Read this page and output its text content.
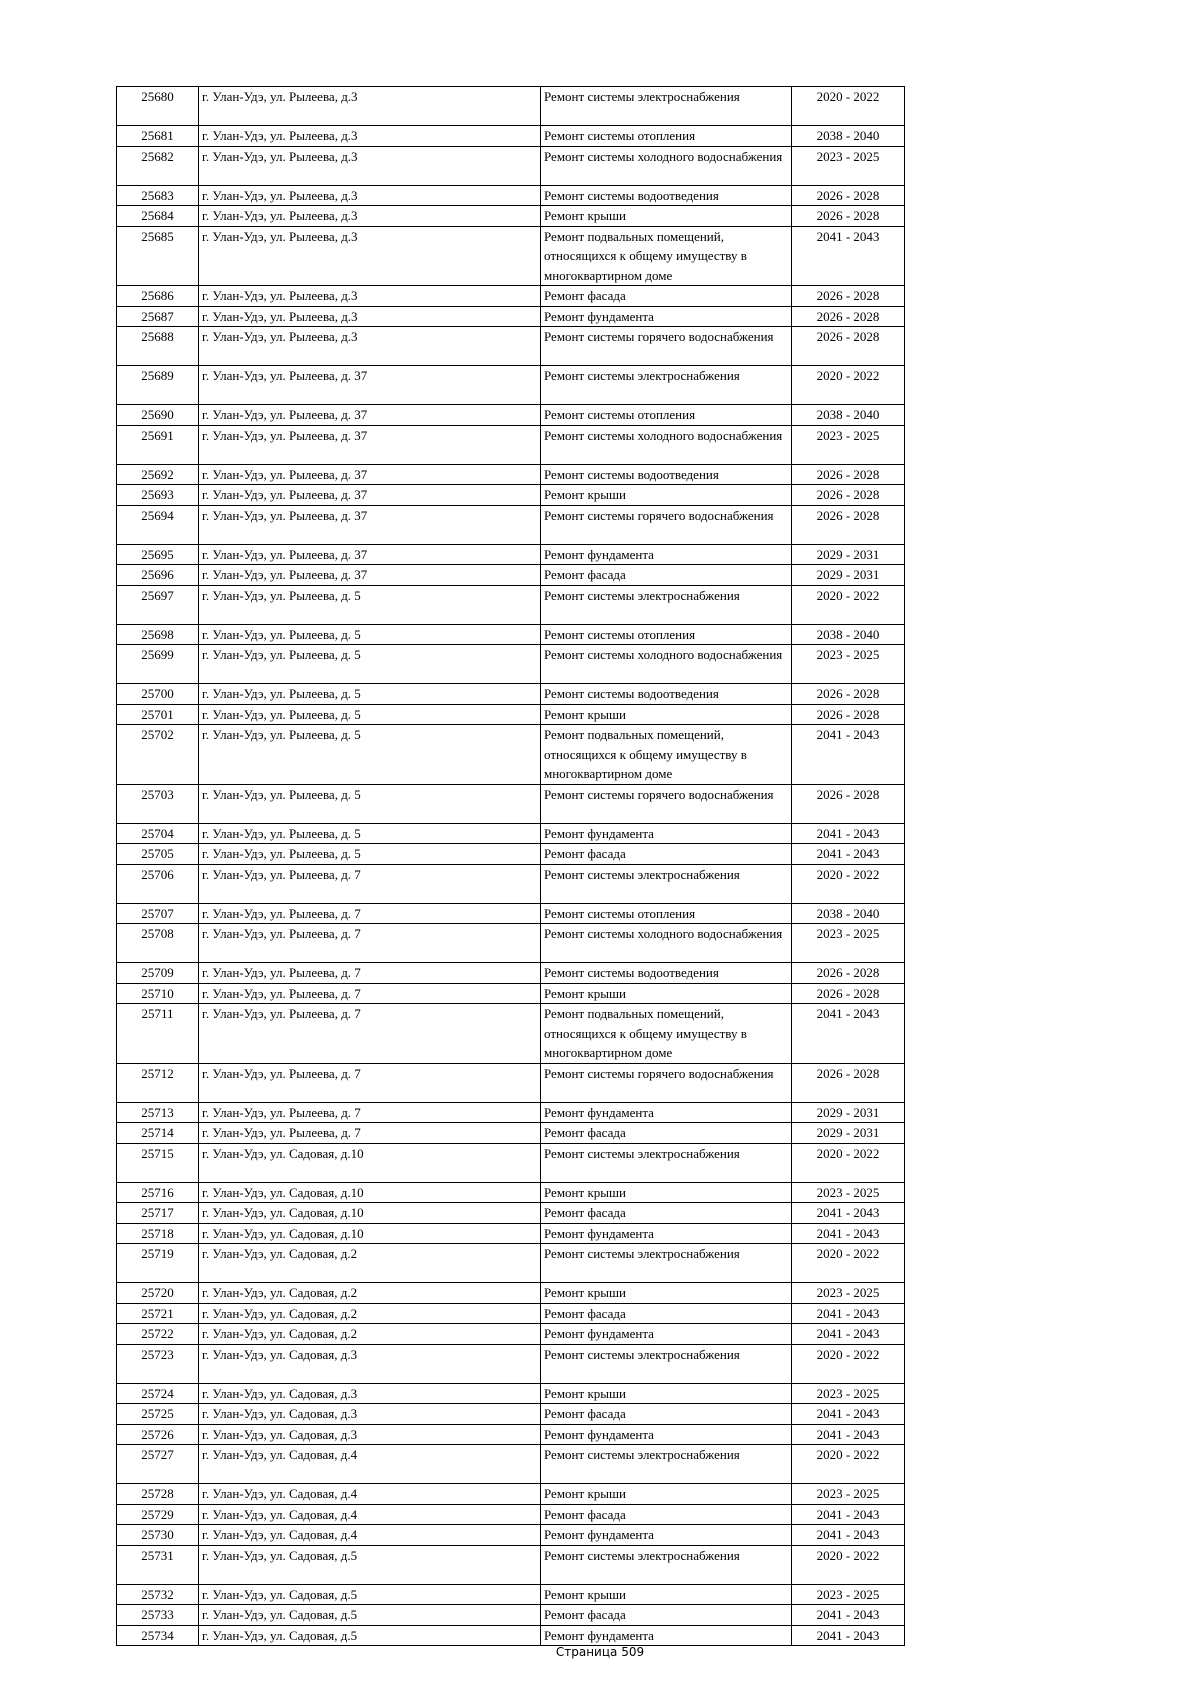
25680	г. Улан-Удэ, ул. Рылеева, д.3	Ремонт системы электроснабжения	2020 - 2022
25681	г. Улан-Удэ, ул. Рылеева, д.3	Ремонт системы отопления	2038 - 2040
25682	г. Улан-Удэ, ул. Рылеева, д.3	Ремонт системы холодного водоснабжения	2023 - 2025
25683	г. Улан-Удэ, ул. Рылеева, д.3	Ремонт системы водоотведения	2026 - 2028
25684	г. Улан-Удэ, ул. Рылеева, д.3	Ремонт крыши	2026 - 2028
25685	г. Улан-Удэ, ул. Рылеева, д.3	Ремонт подвальных помещений, относящихся к общему имуществу в многоквартирном доме	2041 - 2043
25686	г. Улан-Удэ, ул. Рылеева, д.3	Ремонт фасада	2026 - 2028
25687	г. Улан-Удэ, ул. Рылеева, д.3	Ремонт фундамента	2026 - 2028
25688	г. Улан-Удэ, ул. Рылеева, д.3	Ремонт системы горячего водоснабжения	2026 - 2028
25689	г. Улан-Удэ, ул. Рылеева, д. 37	Ремонт системы электроснабжения	2020 - 2022
25690	г. Улан-Удэ, ул. Рылеева, д. 37	Ремонт системы отопления	2038 - 2040
25691	г. Улан-Удэ, ул. Рылеева, д. 37	Ремонт системы холодного водоснабжения	2023 - 2025
25692	г. Улан-Удэ, ул. Рылеева, д. 37	Ремонт системы водоотведения	2026 - 2028
25693	г. Улан-Удэ, ул. Рылеева, д. 37	Ремонт крыши	2026 - 2028
25694	г. Улан-Удэ, ул. Рылеева, д. 37	Ремонт системы горячего водоснабжения	2026 - 2028
25695	г. Улан-Удэ, ул. Рылеева, д. 37	Ремонт фундамента	2029 - 2031
25696	г. Улан-Удэ, ул. Рылеева, д. 37	Ремонт фасада	2029 - 2031
25697	г. Улан-Удэ, ул. Рылеева, д. 5	Ремонт системы электроснабжения	2020 - 2022
25698	г. Улан-Удэ, ул. Рылеева, д. 5	Ремонт системы отопления	2038 - 2040
25699	г. Улан-Удэ, ул. Рылеева, д. 5	Ремонт системы холодного водоснабжения	2023 - 2025
25700	г. Улан-Удэ, ул. Рылеева, д. 5	Ремонт системы водоотведения	2026 - 2028
25701	г. Улан-Удэ, ул. Рылеева, д. 5	Ремонт крыши	2026 - 2028
25702	г. Улан-Удэ, ул. Рылеева, д. 5	Ремонт подвальных помещений, относящихся к общему имуществу в многоквартирном доме	2041 - 2043
25703	г. Улан-Удэ, ул. Рылеева, д. 5	Ремонт системы горячего водоснабжения	2026 - 2028
25704	г. Улан-Удэ, ул. Рылеева, д. 5	Ремонт фундамента	2041 - 2043
25705	г. Улан-Удэ, ул. Рылеева, д. 5	Ремонт фасада	2041 - 2043
25706	г. Улан-Удэ, ул. Рылеева, д. 7	Ремонт системы электроснабжения	2020 - 2022
25707	г. Улан-Удэ, ул. Рылеева, д. 7	Ремонт системы отопления	2038 - 2040
25708	г. Улан-Удэ, ул. Рылеева, д. 7	Ремонт системы холодного водоснабжения	2023 - 2025
25709	г. Улан-Удэ, ул. Рылеева, д. 7	Ремонт системы водоотведения	2026 - 2028
25710	г. Улан-Удэ, ул. Рылеева, д. 7	Ремонт крыши	2026 - 2028
25711	г. Улан-Удэ, ул. Рылеева, д. 7	Ремонт подвальных помещений, относящихся к общему имуществу в многоквартирном доме	2041 - 2043
25712	г. Улан-Удэ, ул. Рылеева, д. 7	Ремонт системы горячего водоснабжения	2026 - 2028
25713	г. Улан-Удэ, ул. Рылеева, д. 7	Ремонт фундамента	2029 - 2031
25714	г. Улан-Удэ, ул. Рылеева, д. 7	Ремонт фасада	2029 - 2031
25715	г. Улан-Удэ, ул. Садовая, д.10	Ремонт системы электроснабжения	2020 - 2022
25716	г. Улан-Удэ, ул. Садовая, д.10	Ремонт крыши	2023 - 2025
25717	г. Улан-Удэ, ул. Садовая, д.10	Ремонт фасада	2041 - 2043
25718	г. Улан-Удэ, ул. Садовая, д.10	Ремонт фундамента	2041 - 2043
25719	г. Улан-Удэ, ул. Садовая, д.2	Ремонт системы электроснабжения	2020 - 2022
25720	г. Улан-Удэ, ул. Садовая, д.2	Ремонт крыши	2023 - 2025
25721	г. Улан-Удэ, ул. Садовая, д.2	Ремонт фасада	2041 - 2043
25722	г. Улан-Удэ, ул. Садовая, д.2	Ремонт фундамента	2041 - 2043
25723	г. Улан-Удэ, ул. Садовая, д.3	Ремонт системы электроснабжения	2020 - 2022
25724	г. Улан-Удэ, ул. Садовая, д.3	Ремонт крыши	2023 - 2025
25725	г. Улан-Удэ, ул. Садовая, д.3	Ремонт фасада	2041 - 2043
25726	г. Улан-Удэ, ул. Садовая, д.3	Ремонт фундамента	2041 - 2043
25727	г. Улан-Удэ, ул. Садовая, д.4	Ремонт системы электроснабжения	2020 - 2022
25728	г. Улан-Удэ, ул. Садовая, д.4	Ремонт крыши	2023 - 2025
25729	г. Улан-Удэ, ул. Садовая, д.4	Ремонт фасада	2041 - 2043
25730	г. Улан-Удэ, ул. Садовая, д.4	Ремонт фундамента	2041 - 2043
25731	г. Улан-Удэ, ул. Садовая, д.5	Ремонт системы электроснабжения	2020 - 2022
25732	г. Улан-Удэ, ул. Садовая, д.5	Ремонт крыши	2023 - 2025
25733	г. Улан-Удэ, ул. Садовая, д.5	Ремонт фасада	2041 - 2043
25734	г. Улан-Удэ, ул. Садовая, д.5	Ремонт фундамента	2041 - 2043
Страница 509
